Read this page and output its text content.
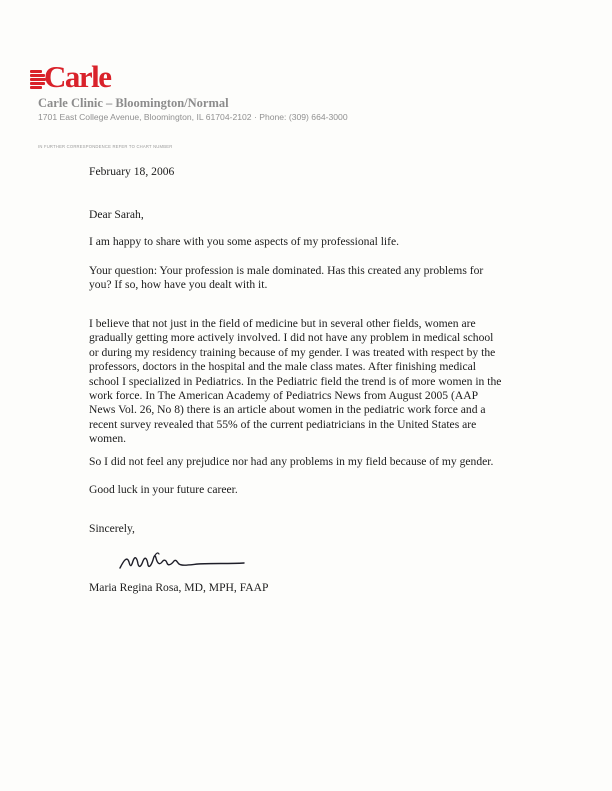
Carle
Carle Clinic – Bloomington/Normal
1701 East College Avenue, Bloomington, IL 61704-2102 · Phone: (309) 664-3000
IN FURTHER CORRESPONDENCE REFER TO CHART NUMBER

February 18, 2006

Dear Sarah,

I am happy to share with you some aspects of my professional life.

Your question: Your profession is male dominated. Has this created any problems for
you? If so, how have you dealt with it.
I believe that not just in the field of medicine but in several other fields, women are
gradually getting more actively involved. I did not have any problem in medical school
or during my residency training because of my gender. I was treated with respect by the
professors, doctors in the hospital and the male class mates. After finishing medical
school I specialized in Pediatrics. In the Pediatric field the trend is of more women in the
work force. In The American Academy of Pediatrics News from August 2005 (AAP
News Vol. 26, No 8) there is an article about women in the pediatric work force and a
recent survey revealed that 55% of the current pediatricians in the United States are
women.

So I did not feel any prejudice nor had any problems in my field because of my gender.

Good luck in your future career.

Sincerely,

Maria Regina Rosa, MD, MPH, FAAP
